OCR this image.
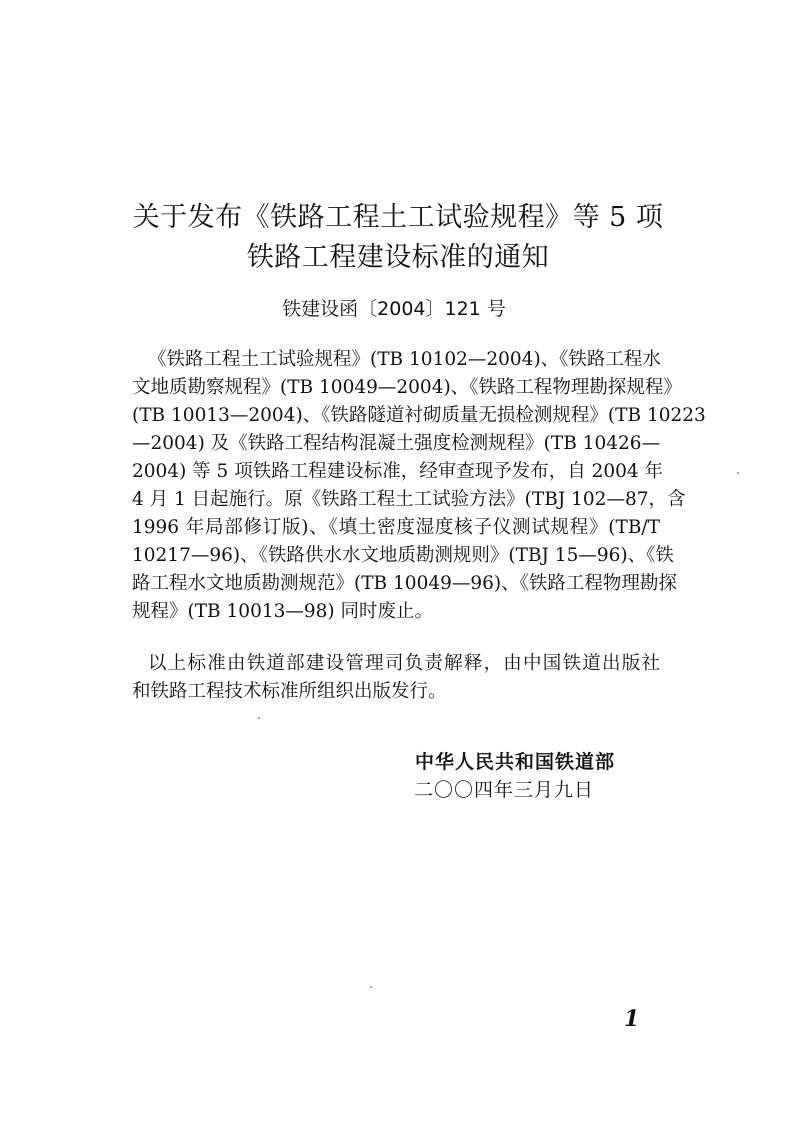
关于发布《铁路工程土工试验规程》等 5 项
铁路工程建设标准的通知
铁建设函〔2004〕121 号
《铁路工程土工试验规程》(TB 10102—2004)、《铁路工程水
文地质勘察规程》(TB 10049—2004)、《铁路工程物理勘探规程》
(TB 10013—2004)、《铁路隧道衬砌质量无损检测规程》(TB 10223
—2004) 及《铁路工程结构混凝土强度检测规程》(TB 10426—
2004) 等 5 项铁路工程建设标准，经审查现予发布，自 2004 年
4 月 1 日起施行。原《铁路工程土工试验方法》(TBJ 102—87，含
1996 年局部修订版)、《填土密度湿度核子仪测试规程》(TB/T
10217—96)、《铁路供水水文地质勘测规则》(TBJ 15—96)、《铁
路工程水文地质勘测规范》(TB 10049—96)、《铁路工程物理勘探
规程》(TB 10013—98) 同时废止。
以上标准由铁道部建设管理司负责解释，由中国铁道出版社
和铁路工程技术标准所组织出版发行。
中华人民共和国铁道部
二〇〇四年三月九日
1
